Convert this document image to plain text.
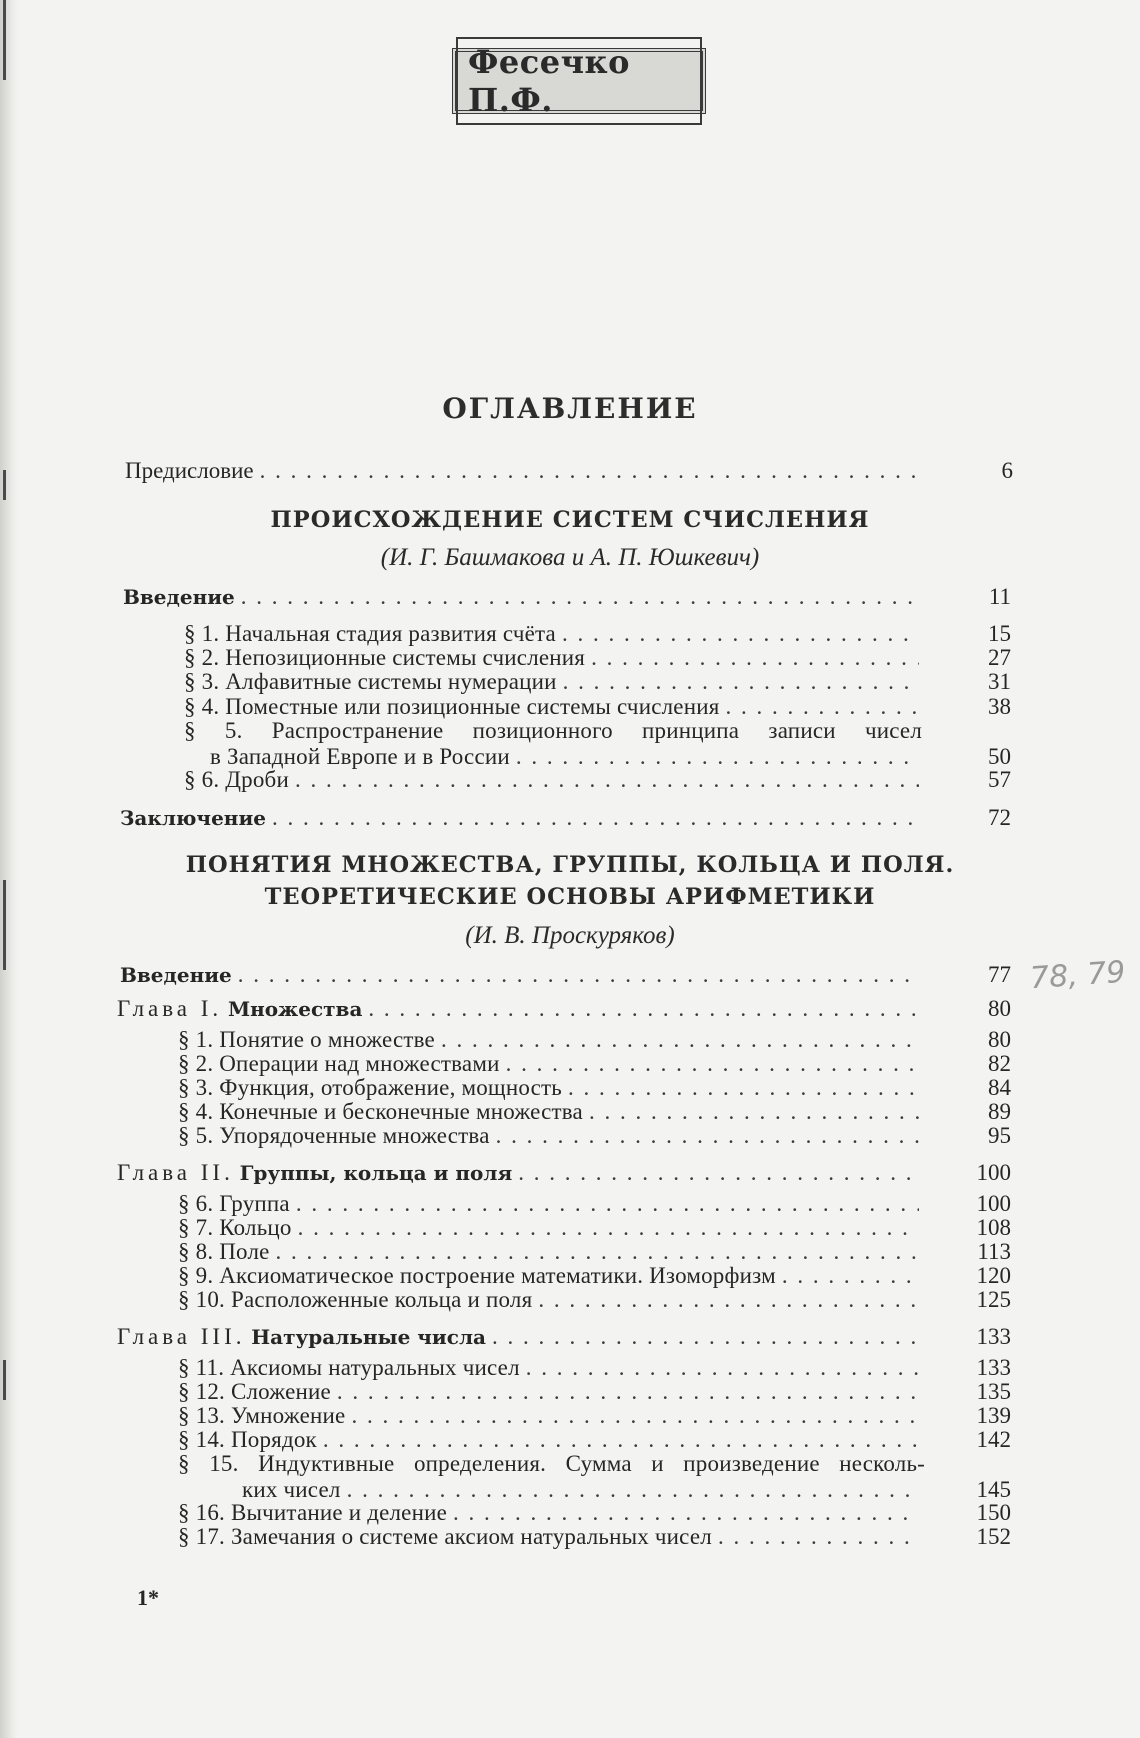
Фесечко П.Ф.
ОГЛАВЛЕНИЕ
Предисловие . . .	6
ПРОИСХОЖДЕНИЕ СИСТЕМ СЧИСЛЕНИЯ
(И. Г. Башмакова и А. П. Юшкевич)
Введение . . .	11
§ 1. Начальная стадия развития счёта . . .	15
§ 2. Непозиционные системы счисления . . .	27
§ 3. Алфавитные системы нумерации . . .	31
§ 4. Поместные или позиционные системы счисления . . .	38
§ 5. Распространение позиционного принципа записи чисел
в Западной Европе и в России . . .	50
§ 6. Дроби . . .	57
Заключение . . .	72
ПОНЯТИЯ МНОЖЕСТВА, ГРУППЫ, КОЛЬЦА И ПОЛЯ.
ТЕОРЕТИЧЕСКИЕ ОСНОВЫ АРИФМЕТИКИ
(И. В. Проскуряков)
Введение . . .	77 78, 79
Глава I. Множества . . .	80
§ 1. Понятие о множестве . . .	80
§ 2. Операции над множествами . . .	82
§ 3. Функция, отображение, мощность . . .	84
§ 4. Конечные и бесконечные множества . . .	89
§ 5. Упорядоченные множества . . .	95
Глава II. Группы, кольца и поля . . .	100
§ 6. Группа . . .	100
§ 7. Кольцо . . .	108
§ 8. Поле . . .	113
§ 9. Аксиоматическое построение математики. Изоморфизм . . .	120
§ 10. Расположенные кольца и поля . . .	125
Глава III. Натуральные числа . . .	133
§ 11. Аксиомы натуральных чисел . . .	133
§ 12. Сложение . . .	135
§ 13. Умножение . . .	139
§ 14. Порядок . . .	142
§ 15. Индуктивные определения. Сумма и произведение несколь-
ких чисел . . .	145
§ 16. Вычитание и деление . . .	150
§ 17. Замечания о системе аксиом натуральных чисел . . .	152
1*
